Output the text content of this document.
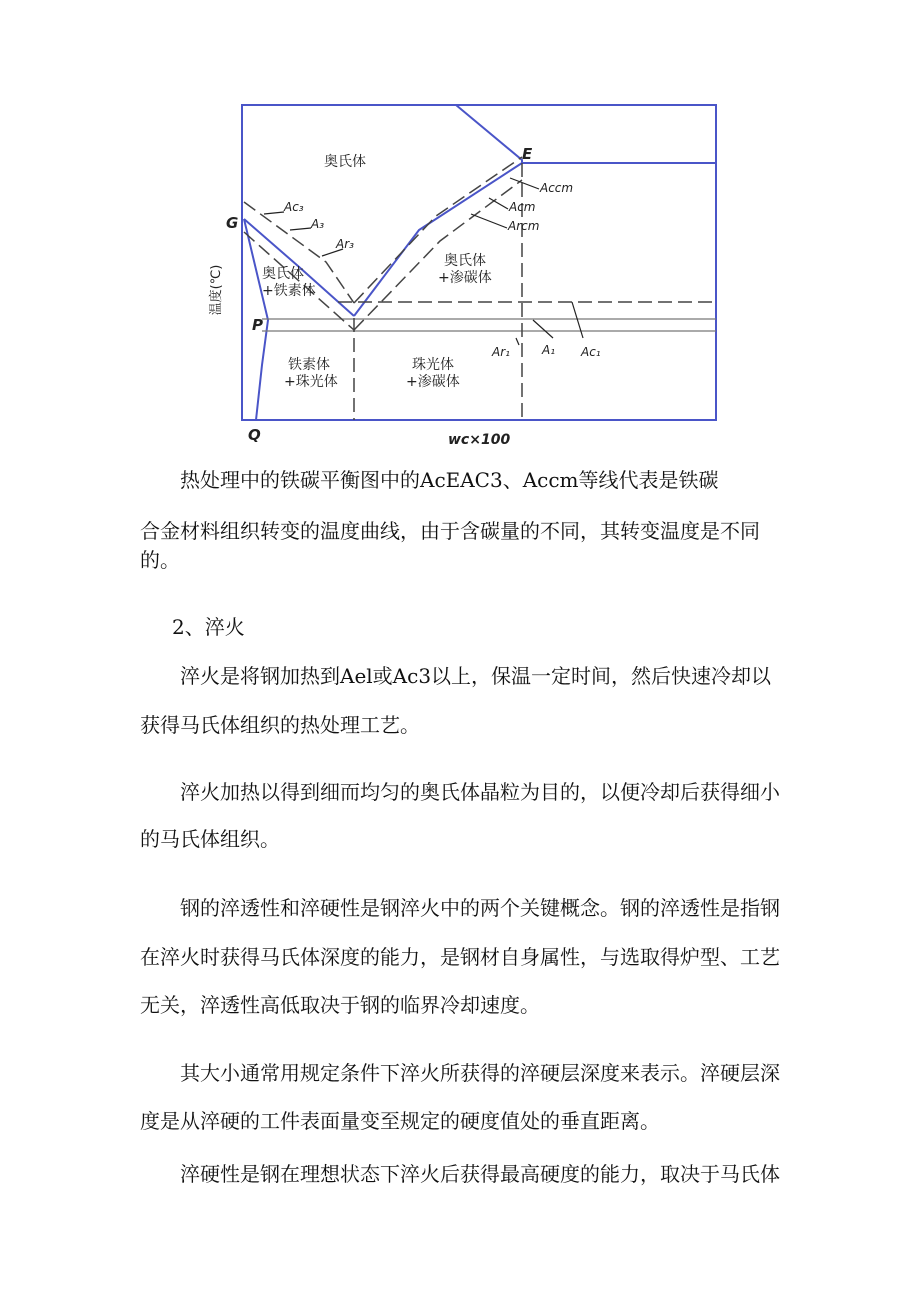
奥氏体
奥氏体
+铁素体
奥氏体
+渗碳体
铁素体
+珠光体
珠光体
+渗碳体
E
G
P
Q
Ac₃
A₃
Ar₃
Accm
Acm
Arcm
Ar₁	A₁ Ac₁
温度(℃)
wc×100

热处理中的铁碳平衡图中的AcEAC3、Accm等线代表是铁碳

合金材料组织转变的温度曲线，由于含碳量的不同，其转变温度是不同

的。

2、淬火

淬火是将钢加热到Ael或Ac3以上，保温一定时间，然后快速冷却以

获得马氏体组织的热处理工艺。

淬火加热以得到细而均匀的奥氏体晶粒为目的，以便冷却后获得细小

的马氏体组织。

钢的淬透性和淬硬性是钢淬火中的两个关键概念。钢的淬透性是指钢

在淬火时获得马氏体深度的能力，是钢材自身属性，与选取得炉型、工艺

无关，淬透性高低取决于钢的临界冷却速度。

其大小通常用规定条件下淬火所获得的淬硬层深度来表示。淬硬层深

度是从淬硬的工件表面量变至规定的硬度值处的垂直距离。

淬硬性是钢在理想状态下淬火后获得最高硬度的能力，取决于马氏体
